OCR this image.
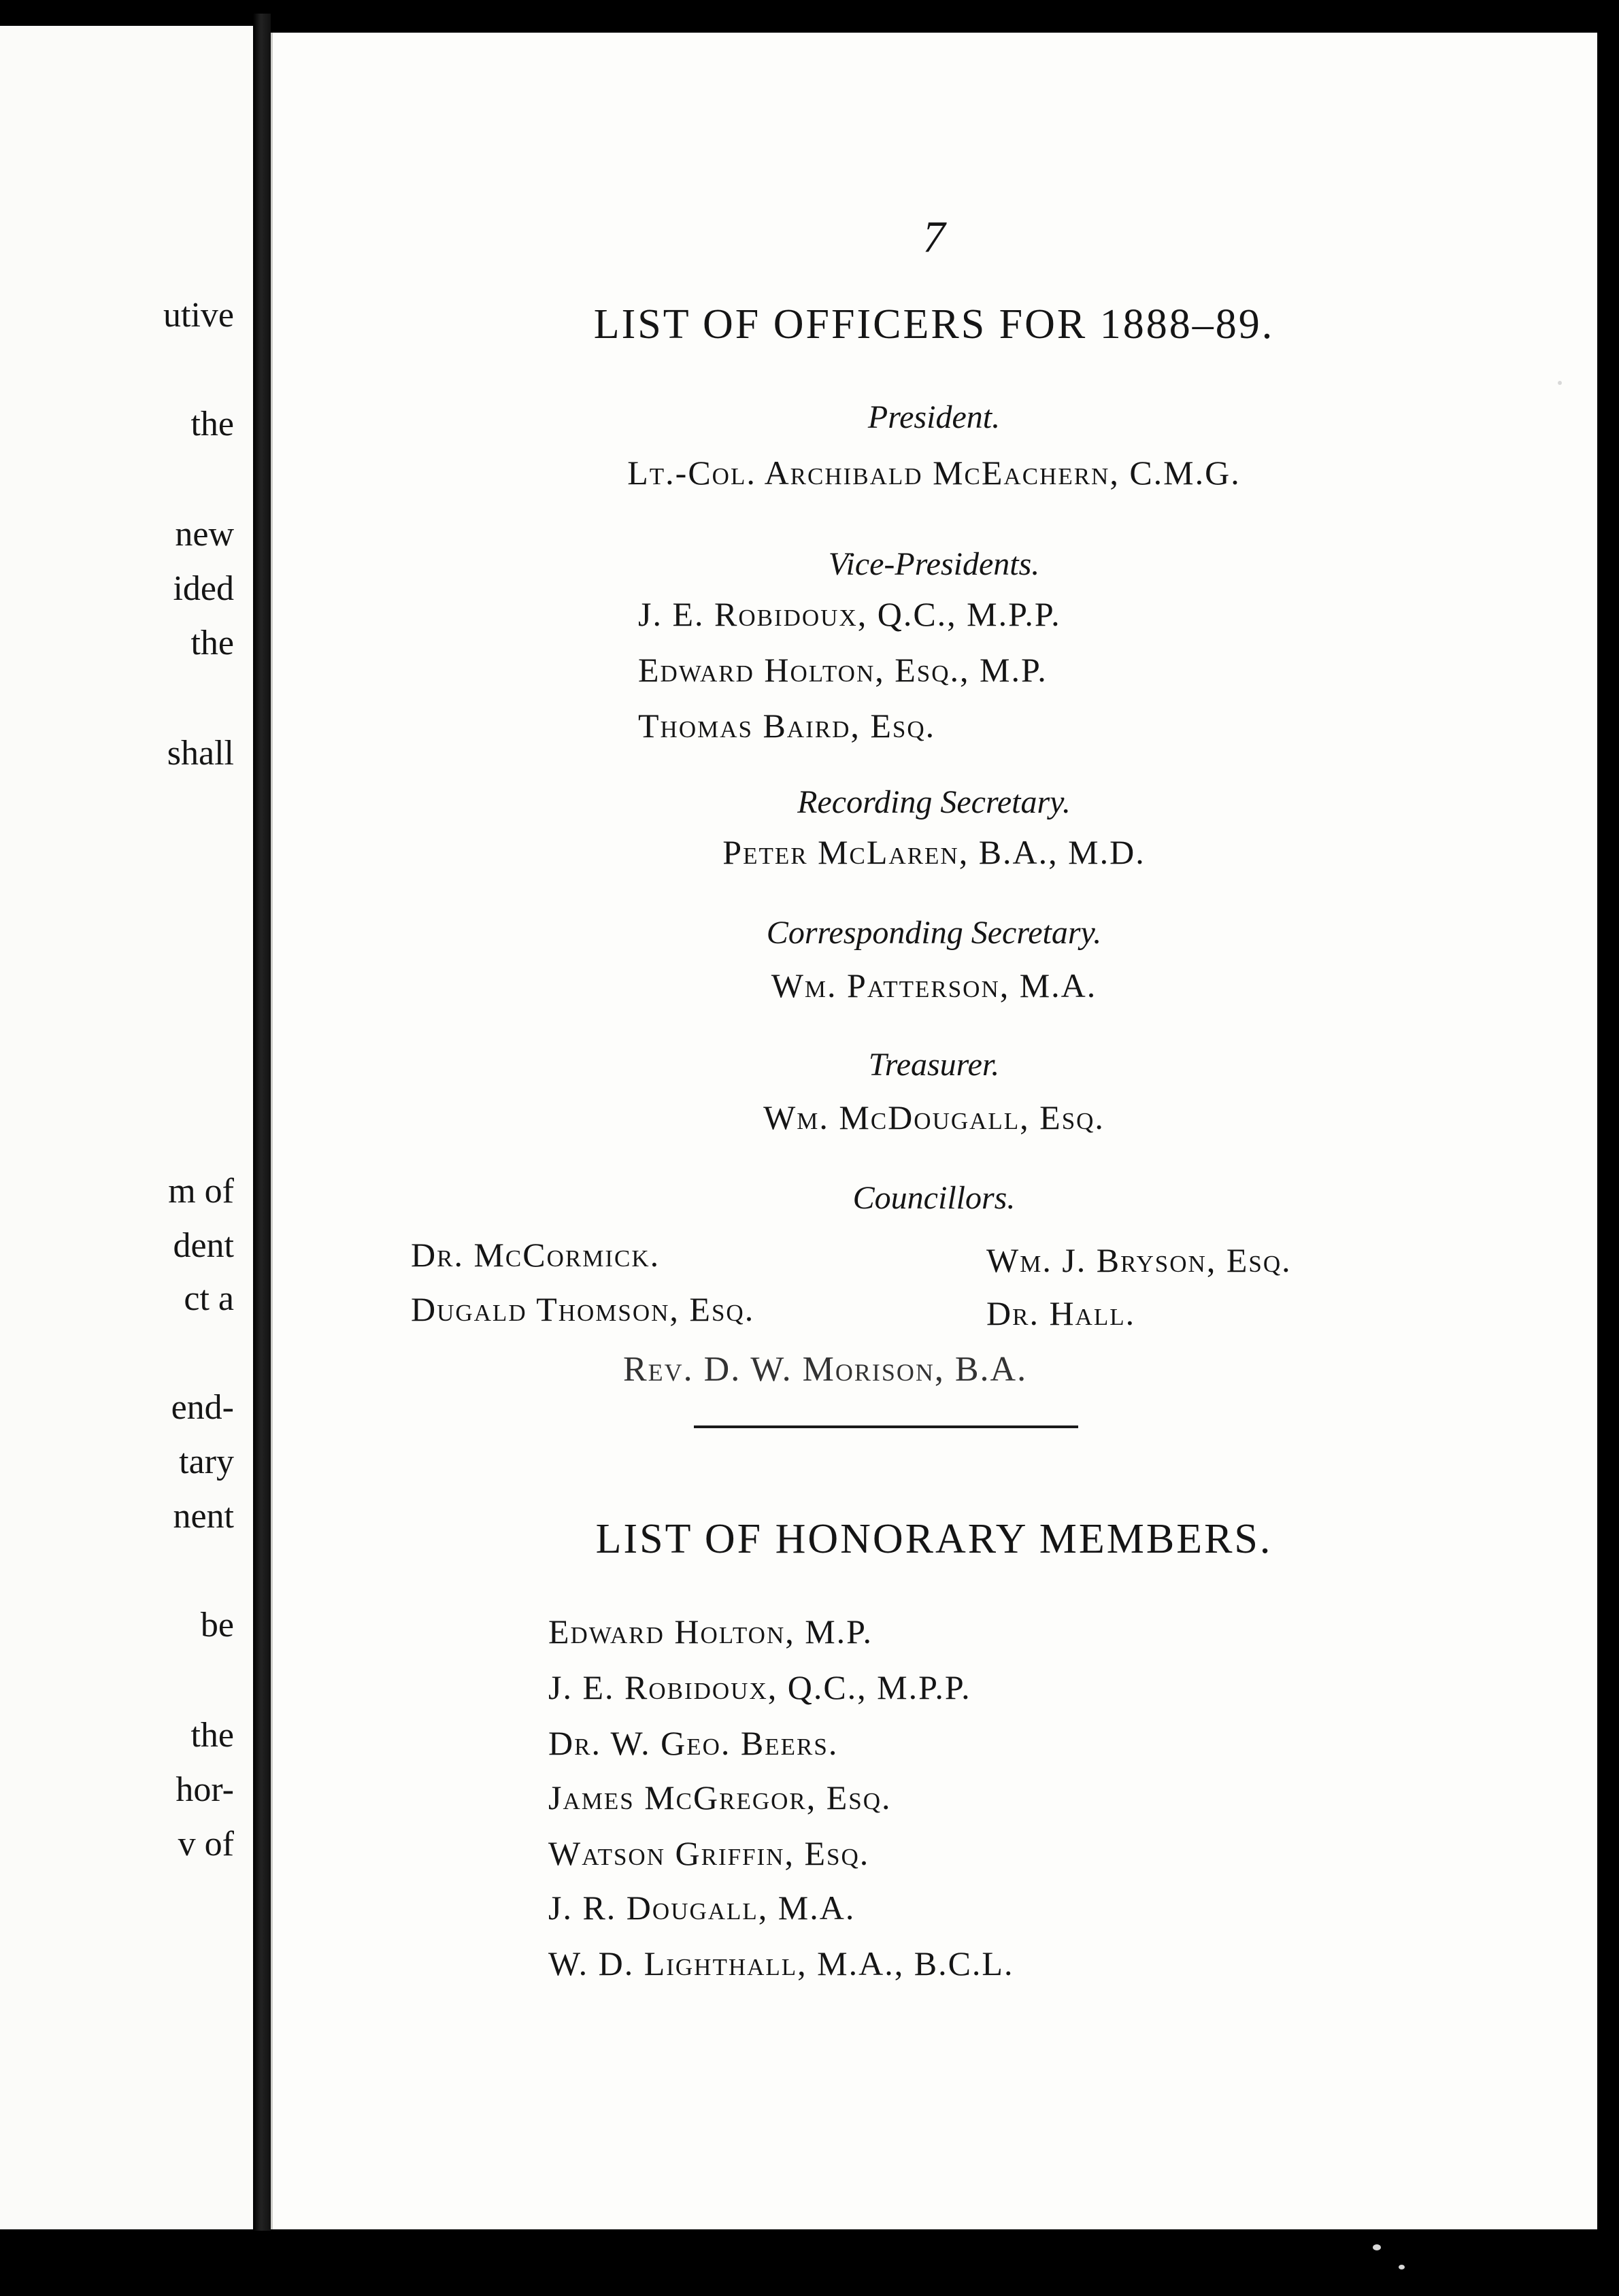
utive
the
new
ided
the
shall
m of
dent
ct a
end-
tary
nent
be
the
hor-
v of
7
LIST OF OFFICERS FOR 1888–89.
President.
Lt.-Col. Archibald McEachern, C.M.G.
Vice-Presidents.
J. E. Robidoux, Q.C., M.P.P.
Edward Holton, Esq., M.P.
Thomas Baird, Esq.
Recording Secretary.
Peter McLaren, B.A., M.D.
Corresponding Secretary.
Wm. Patterson, M.A.
Treasurer.
Wm. McDougall, Esq.
Councillors.
Dr. McCormick.
Dugald Thomson, Esq.
Wm. J. Bryson, Esq.
Dr. Hall.
Rev. D. W. Morison, B.A.
LIST OF HONORARY MEMBERS.
Edward Holton, M.P.
J. E. Robidoux, Q.C., M.P.P.
Dr. W. Geo. Beers.
James McGregor, Esq.
Watson Griffin, Esq.
J. R. Dougall, M.A.
W. D. Lighthall, M.A., B.C.L.
